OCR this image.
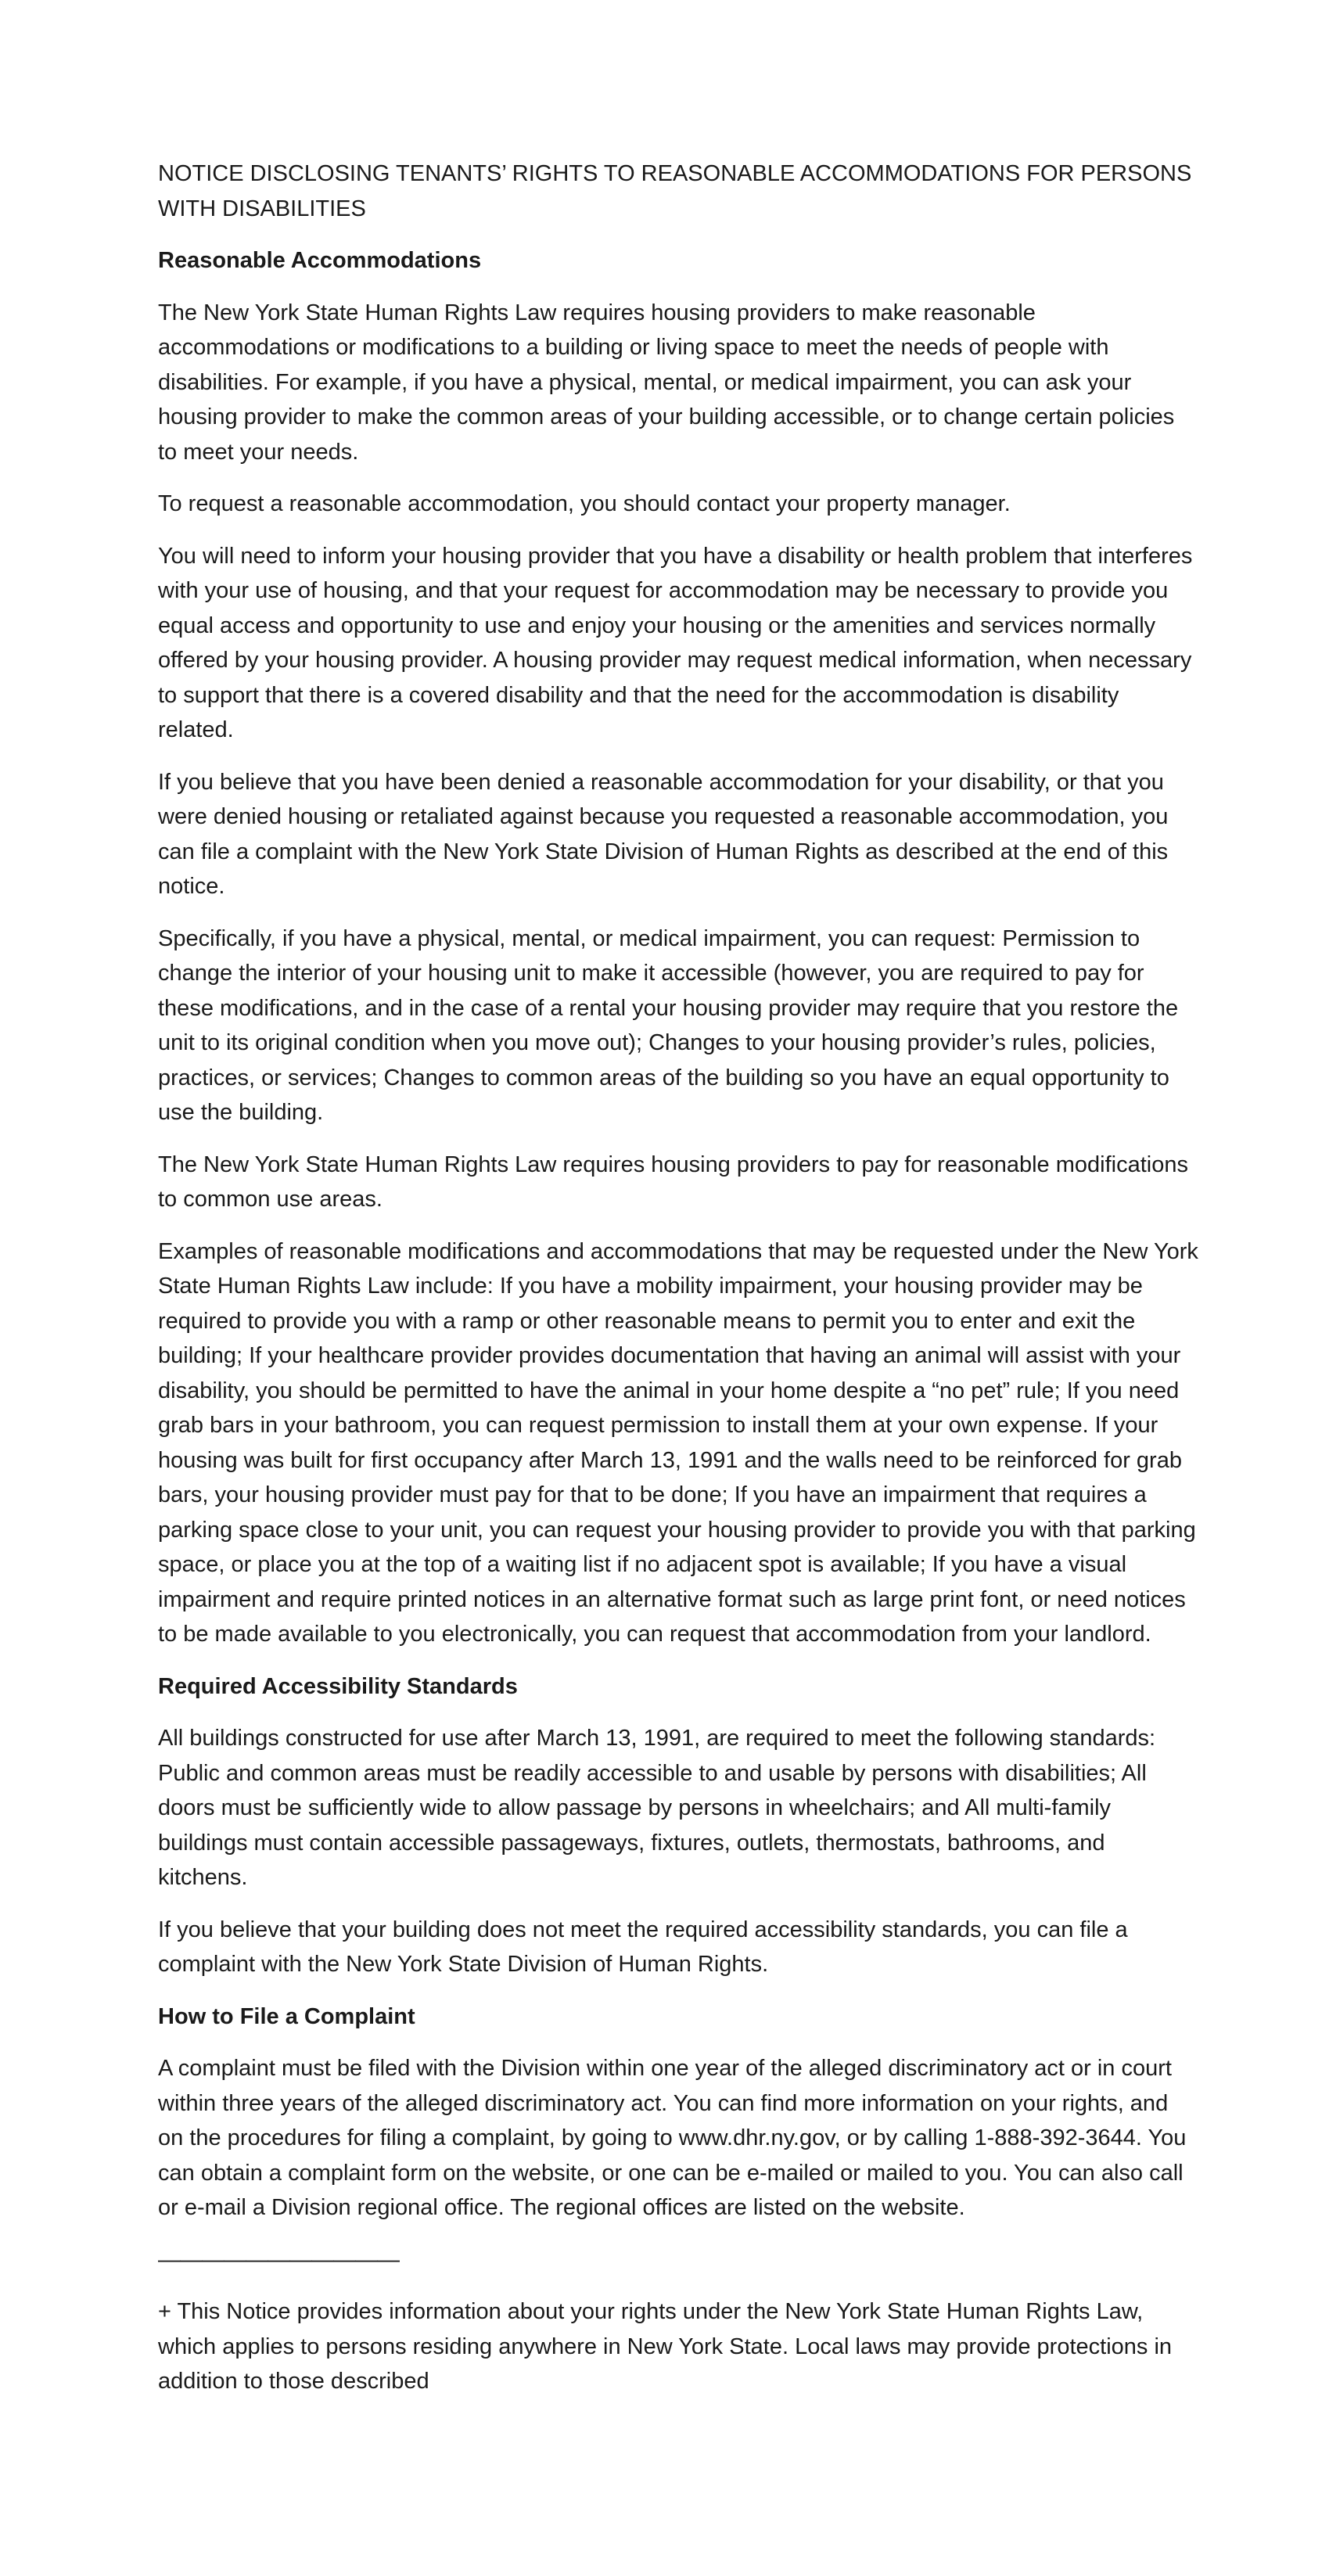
NOTICE DISCLOSING TENANTS’ RIGHTS TO REASONABLE ACCOMMODATIONS FOR PERSONS WITH DISABILITIES

Reasonable Accommodations

The New York State Human Rights Law requires housing providers to make reasonable accommodations or modifications to a building or living space to meet the needs of people with disabilities. For example, if you have a physical, mental, or medical impairment, you can ask your housing provider to make the common areas of your building accessible, or to change certain policies to meet your needs.

To request a reasonable accommodation, you should contact your property manager.

You will need to inform your housing provider that you have a disability or health problem that interferes with your use of housing, and that your request for accommodation may be necessary to provide you equal access and opportunity to use and enjoy your housing or the amenities and services normally offered by your housing provider. A housing provider may request medical information, when necessary to support that there is a covered disability and that the need for the accommodation is disability related.

If you believe that you have been denied a reasonable accommodation for your disability, or that you were denied housing or retaliated against because you requested a reasonable accommodation, you can file a complaint with the New York State Division of Human Rights as described at the end of this notice.

Specifically, if you have a physical, mental, or medical impairment, you can request: Permission to change the interior of your housing unit to make it accessible (however, you are required to pay for these modifications, and in the case of a rental your housing provider may require that you restore the unit to its original condition when you move out); Changes to your housing provider’s rules, policies, practices, or services; Changes to common areas of the building so you have an equal opportunity to use the building.

The New York State Human Rights Law requires housing providers to pay for reasonable modifications to common use areas.

Examples of reasonable modifications and accommodations that may be requested under the New York State Human Rights Law include: If you have a mobility impairment, your housing provider may be required to provide you with a ramp or other reasonable means to permit you to enter and exit the building; If your healthcare provider provides documentation that having an animal will assist with your disability, you should be permitted to have the animal in your home despite a “no pet” rule; If you need grab bars in your bathroom, you can request permission to install them at your own expense. If your housing was built for first occupancy after March 13, 1991 and the walls need to be reinforced for grab bars, your housing provider must pay for that to be done; If you have an impairment that requires a parking space close to your unit, you can request your housing provider to provide you with that parking space, or place you at the top of a waiting list if no adjacent spot is available; If you have a visual impairment and require printed notices in an alternative format such as large print font, or need notices to be made available to you electronically, you can request that accommodation from your landlord.

Required Accessibility Standards

All buildings constructed for use after March 13, 1991, are required to meet the following standards: Public and common areas must be readily accessible to and usable by persons with disabilities; All doors must be sufficiently wide to allow passage by persons in wheelchairs; and All multi-family buildings must contain accessible passageways, fixtures, outlets, thermostats, bathrooms, and kitchens.

If you believe that your building does not meet the required accessibility standards, you can file a complaint with the New York State Division of Human Rights.

How to File a Complaint

A complaint must be filed with the Division within one year of the alleged discriminatory act or in court within three years of the alleged discriminatory act. You can find more information on your rights, and on the procedures for filing a complaint, by going to www.dhr.ny.gov, or by calling 1-888-392-3644. You can obtain a complaint form on the website, or one can be e-mailed or mailed to you. You can also call or e-mail a Division regional office. The regional offices are listed on the website.

———————————

+ This Notice provides information about your rights under the New York State Human Rights Law, which applies to persons residing anywhere in New York State. Local laws may provide protections in addition to those described
